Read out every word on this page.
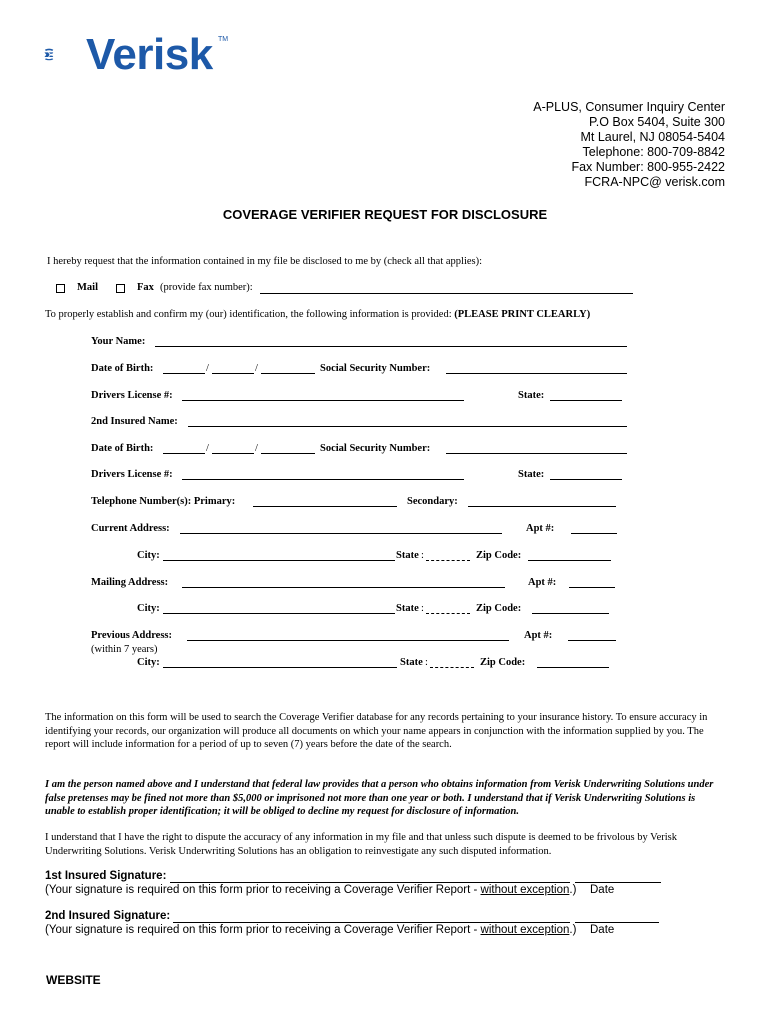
Verisk TM
A-PLUS, Consumer Inquiry Center
P.O Box 5404, Suite 300
Mt Laurel, NJ 08054-5404
Telephone: 800-709-8842
Fax Number: 800-955-2422
FCRA-NPC@ verisk.com
COVERAGE VERIFIER REQUEST FOR DISCLOSURE
I hereby request that the information contained in my file be disclosed to me by (check all that applies):
Mail	Fax (provide fax number):
To properly establish and confirm my (our) identification, the following information is provided: (PLEASE PRINT CLEARLY)
Your Name:
Date of Birth:	/	/	Social Security Number:
Drivers License #:	State:
2nd Insured Name:
Date of Birth:	/	/	Social Security Number:
Drivers License #:	State:
Telephone Number(s): Primary:	Secondary:
Current Address:	Apt #:
City:	State :	Zip Code:
Mailing Address:	Apt #:
City:	State :	Zip Code:
Previous Address:	Apt #:
(within 7 years)
City:	State :	Zip Code:
The information on this form will be used to search the Coverage Verifier database for any records pertaining to your insurance history. To ensure accuracy in identifying your records, our organization will produce all documents on which your name appears in conjunction with the information supplied by you. The report will include information for a period of up to seven (7) years before the date of the search.
I am the person named above and I understand that federal law provides that a person who obtains information from Verisk Underwriting Solutions under false pretenses may be fined not more than $5,000 or imprisoned not more than one year or both. I understand that if Verisk Underwriting Solutions is unable to establish proper identification; it will be obliged to decline my request for disclosure of information.
I understand that I have the right to dispute the accuracy of any information in my file and that unless such dispute is deemed to be frivolous by Verisk Underwriting Solutions. Verisk Underwriting Solutions has an obligation to reinvestigate any such disputed information.
1st Insured Signature:
(Your signature is required on this form prior to receiving a Coverage Verifier Report - without exception.) Date
2nd Insured Signature:
(Your signature is required on this form prior to receiving a Coverage Verifier Report - without exception.) Date
WEBSITE
